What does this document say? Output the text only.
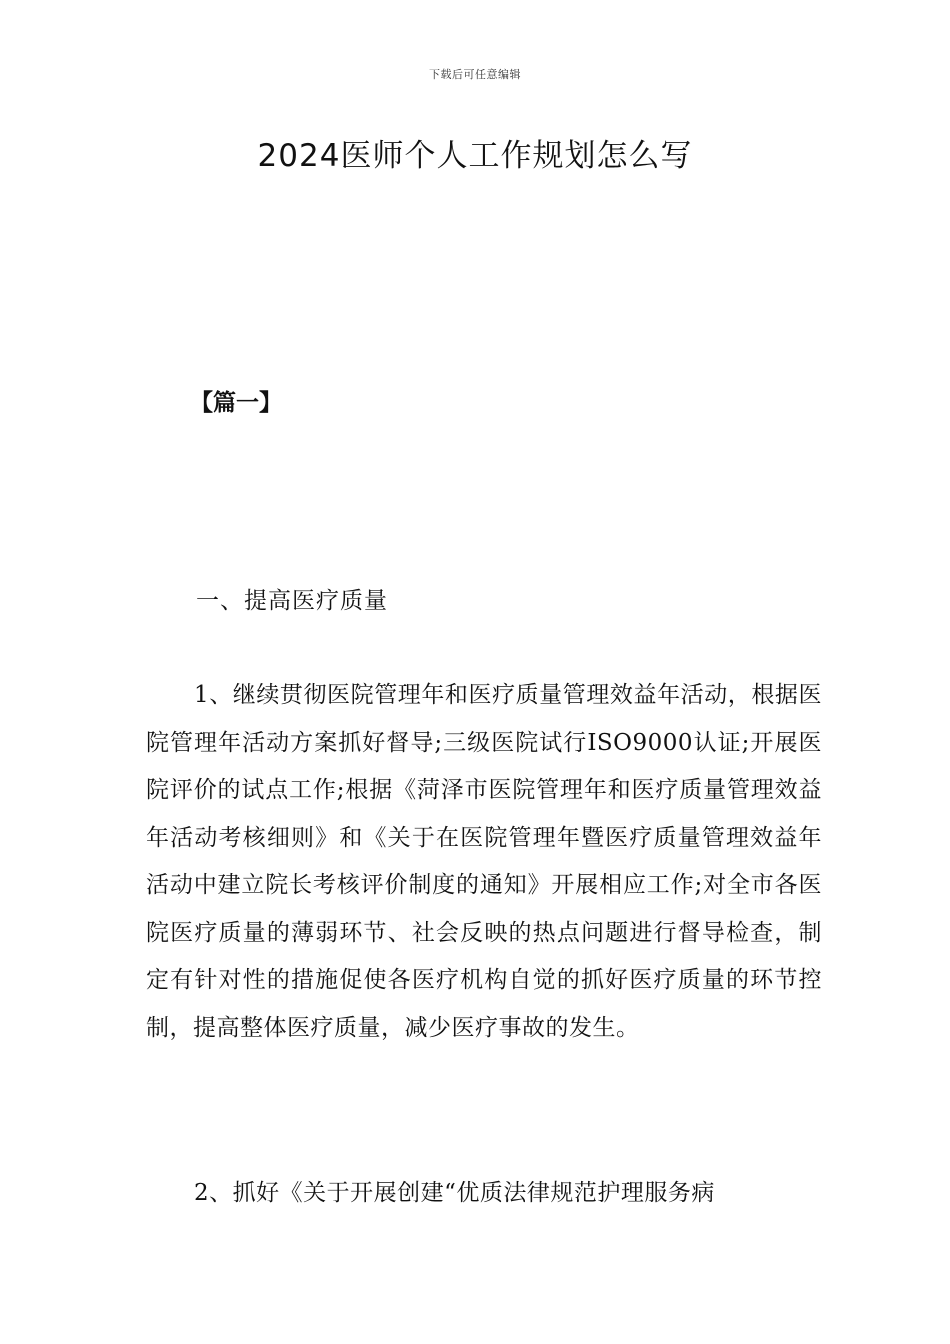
下载后可任意编辑
2024医师个人工作规划怎么写
【篇一】
一、提高医疗质量

1、继续贯彻医院管理年和医疗质量管理效益年活动，根据医院管理年活动方案抓好督导;三级医院试行ISO9000认证;开展医院评价的试点工作;根据《菏泽市医院管理年和医疗质量管理效益年活动考核细则》和《关于在医院管理年暨医疗质量管理效益年活动中建立院长考核评价制度的通知》开展相应工作;对全市各医院医疗质量的薄弱环节、社会反映的热点问题进行督导检查，制定有针对性的措施促使各医疗机构自觉的抓好医疗质量的环节控制，提高整体医疗质量，减少医疗事故的发生。

2、抓好《关于开展创建“优质法律规范护理服务病
